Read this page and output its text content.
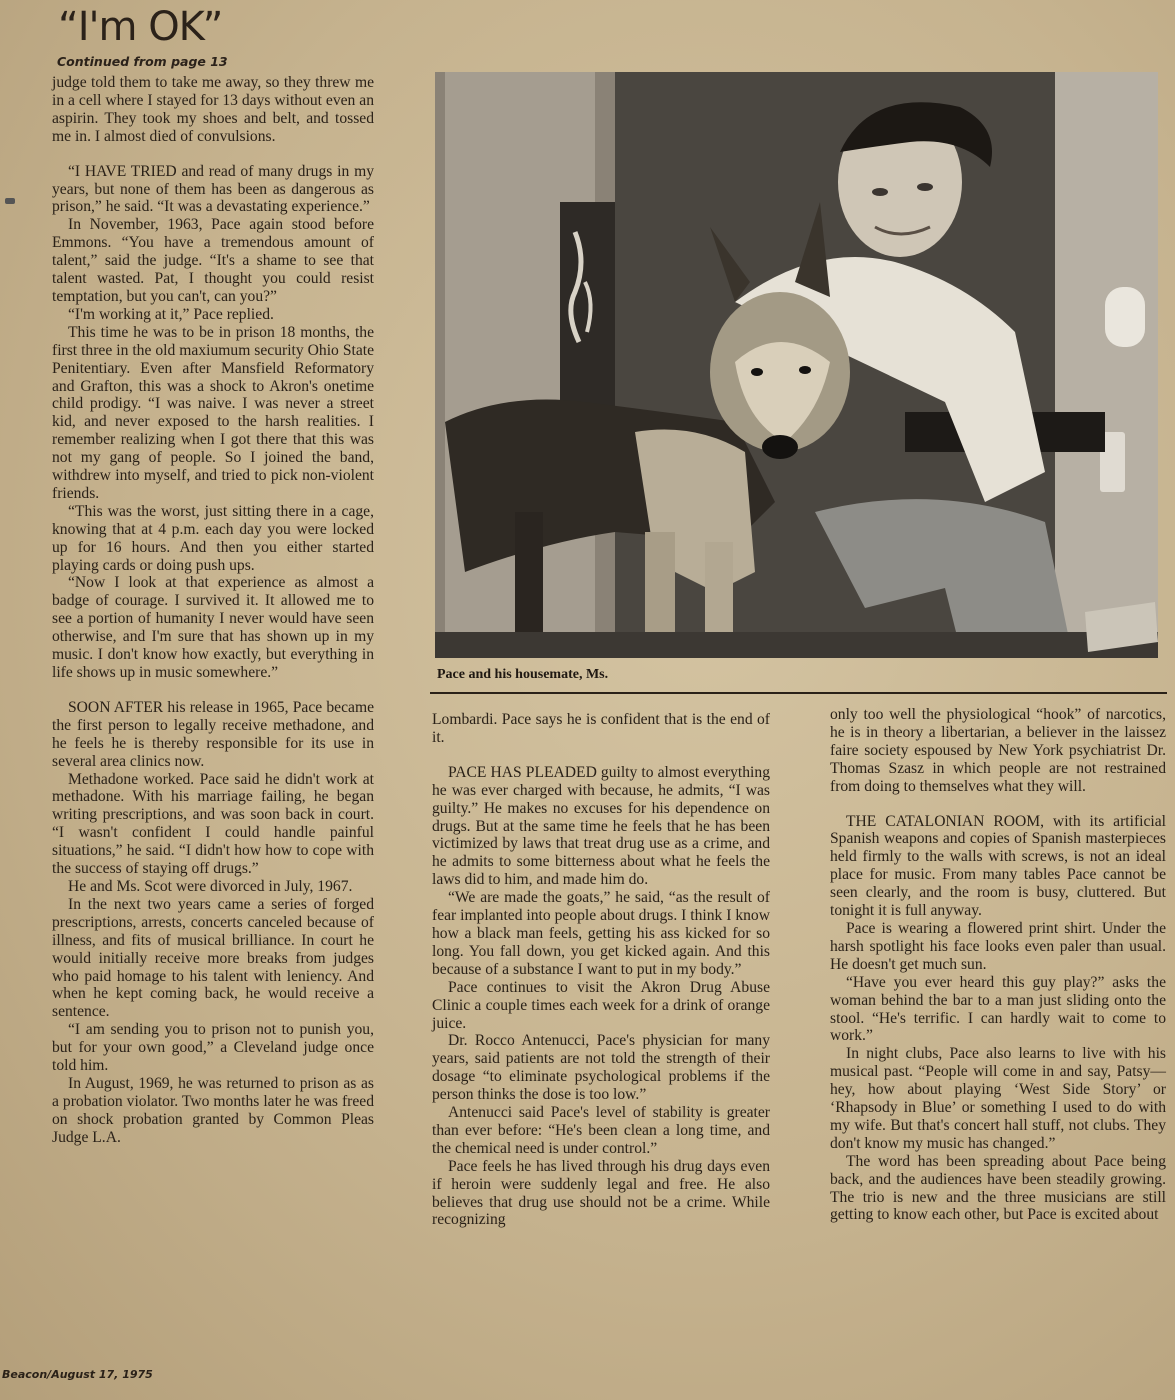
“I'm OK”
Continued from page 13

judge told them to take me away, so they threw me in a cell where I stayed for 13 days without even an aspirin. They took my shoes and belt, and tossed me in. I almost died of convulsions.

“I HAVE TRIED and read of many drugs in my years, but none of them has been as dangerous as prison,” he said. “It was a devastating experience.”

In November, 1963, Pace again stood before Emmons. “You have a tremendous amount of talent,” said the judge. “It's a shame to see that talent wasted. Pat, I thought you could resist temptation, but you can't, can you?”

“I'm working at it,” Pace replied.

This time he was to be in prison 18 months, the first three in the old maxiumum security Ohio State Penitentiary. Even after Mansfield Reformatory and Grafton, this was a shock to Akron's onetime child prodigy. “I was naive. I was never a street kid, and never exposed to the harsh realities. I remember realizing when I got there that this was not my gang of people. So I joined the band, withdrew into myself, and tried to pick non-violent friends.

“This was the worst, just sitting there in a cage, knowing that at 4 p.m. each day you were locked up for 16 hours. And then you either started playing cards or doing push ups.

“Now I look at that experience as almost a badge of courage. I survived it. It allowed me to see a portion of humanity I never would have seen otherwise, and I'm sure that has shown up in my music. I don't know how exactly, but everything in life shows up in music somewhere.”

SOON AFTER his release in 1965, Pace became the first person to legally receive methadone, and he feels he is thereby responsible for its use in several area clinics now.

Methadone worked. Pace said he didn't work at methadone. With his marriage failing, he began writing prescriptions, and was soon back in court. “I wasn't confident I could handle painful situations,” he said. “I didn't how how to cope with the success of staying off drugs.”

He and Ms. Scot were divorced in July, 1967.

In the next two years came a series of forged prescriptions, arrests, concerts canceled because of illness, and fits of musical brilliance. In court he would initially receive more breaks from judges who paid homage to his talent with leniency. And when he kept coming back, he would receive a sentence.

“I am sending you to prison not to punish you, but for your own good,” a Cleveland judge once told him.

In August, 1969, he was returned to prison as as a probation violator. Two months later he was freed on shock probation granted by Common Pleas Judge L.A.

Pace and his housemate, Ms.

Lombardi. Pace says he is confident that is the end of it.

PACE HAS PLEADED guilty to almost everything he was ever charged with because, he admits, “I was guilty.” He makes no excuses for his dependence on drugs. But at the same time he feels that he has been victimized by laws that treat drug use as a crime, and he admits to some bitterness about what he feels the laws did to him, and made him do.

“We are made the goats,” he said, “as the result of fear implanted into people about drugs. I think I know how a black man feels, getting his ass kicked for so long. You fall down, you get kicked again. And this because of a substance I want to put in my body.”

Pace continues to visit the Akron Drug Abuse Clinic a couple times each week for a drink of orange juice.

Dr. Rocco Antenucci, Pace's physician for many years, said patients are not told the strength of their dosage “to eliminate psychological problems if the person thinks the dose is too low.”

Antenucci said Pace's level of stability is greater than ever before: “He's been clean a long time, and the chemical need is under control.”

Pace feels he has lived through his drug days even if heroin were suddenly legal and free. He also believes that drug use should not be a crime. While recognizing

only too well the physiological “hook” of narcotics, he is in theory a libertarian, a believer in the laissez faire society espoused by New York psychiatrist Dr. Thomas Szasz in which people are not restrained from doing to themselves what they will.

THE CATALONIAN ROOM, with its artificial Spanish weapons and copies of Spanish masterpieces held firmly to the walls with screws, is not an ideal place for music. From many tables Pace cannot be seen clearly, and the room is busy, cluttered. But tonight it is full anyway.

Pace is wearing a flowered print shirt. Under the harsh spotlight his face looks even paler than usual. He doesn't get much sun.

“Have you ever heard this guy play?” asks the woman behind the bar to a man just sliding onto the stool. “He's terrific. I can hardly wait to come to work.”

In night clubs, Pace also learns to live with his musical past. “People will come in and say, Patsy—hey, how about playing ‘West Side Story’ or ‘Rhapsody in Blue’ or something I used to do with my wife. But that's concert hall stuff, not clubs. They don't know my music has changed.”

The word has been spreading about Pace being back, and the audiences have been steadily growing. The trio is new and the three musicians are still getting to know each other, but Pace is excited about

Beacon/August 17, 1975
